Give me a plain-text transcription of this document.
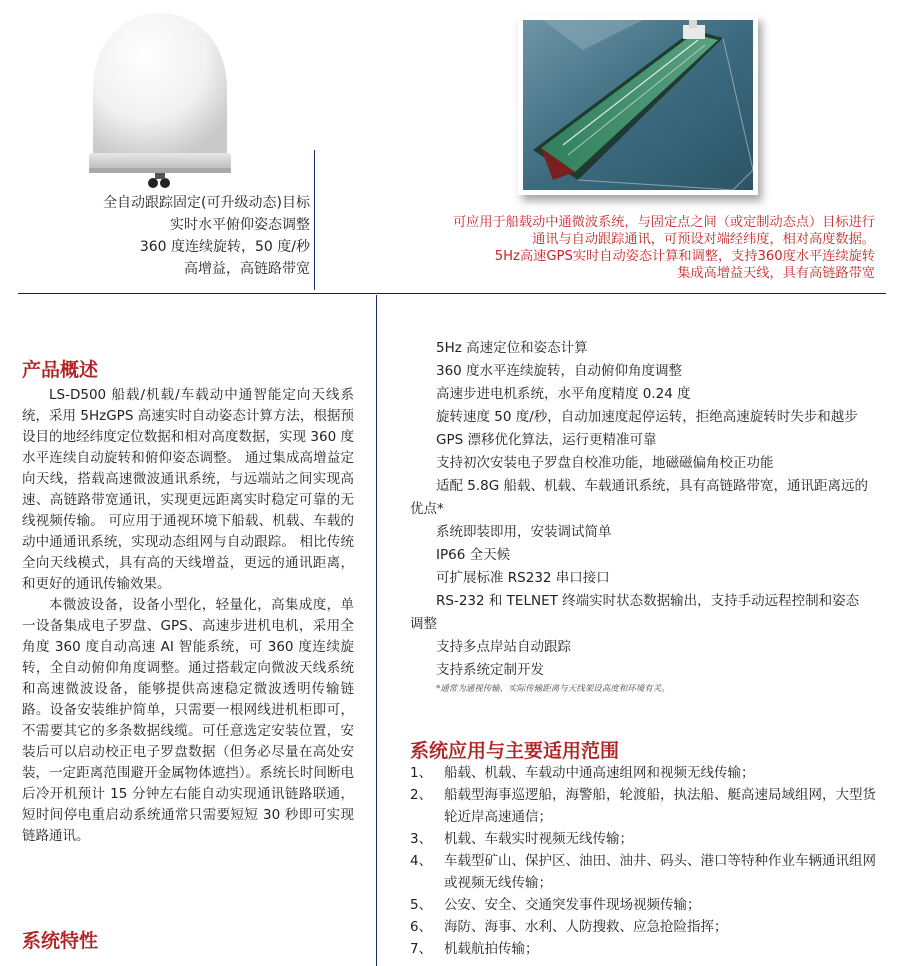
全自动跟踪固定(可升级动态)目标
实时水平俯仰姿态调整
360 度连续旋转，50 度/秒
高增益，高链路带宽
可应用于船载动中通微波系统，与固定点之间（或定制动态点）目标进行
通讯与自动跟踪通讯，可预设对端经纬度，相对高度数据。
5Hz高速GPS实时自动姿态计算和调整，支持360度水平连续旋转
集成高增益天线，具有高链路带宽
产品概述

LS-D500 船载/机载/车载动中通智能定向天线系统，采用 5HzGPS 高速实时自动姿态计算方法，根据预设目的地经纬度定位数据和相对高度数据，实现 360 度水平连续自动旋转和俯仰姿态调整。 通过集成高增益定向天线，搭载高速微波通讯系统，与远端站之间实现高速、高链路带宽通讯，实现更远距离实时稳定可靠的无线视频传输。 可应用于通视环境下船载、机载、车载的动中通通讯系统，实现动态组网与自动跟踪。 相比传统全向天线模式，具有高的天线增益，更远的通讯距离，和更好的通讯传输效果。

本微波设备，设备小型化，轻量化，高集成度，单一设备集成电子罗盘、GPS、高速步进机电机，采用全角度 360 度自动高速 AI 智能系统，可 360 度连续旋转，全自动俯仰角度调整。通过搭载定向微波天线系统和高速微波设备，能够提供高速稳定微波透明传输链路。设备安装维护简单，只需要一根网线进机柜即可，不需要其它的多条数据线缆。可任意选定安装位置，安装后可以启动校正电子罗盘数据（但务必尽量在高处安装，一定距离范围避开金属物体遮挡）。系统长时间断电后冷开机预计 15 分钟左右能自动实现通讯链路联通，短时间停电重启动系统通常只需要短短 30 秒即可实现链路通讯。

系统特性

5Hz 高速定位和姿态计算

360 度水平连续旋转，自动俯仰角度调整

高速步进电机系统，水平角度精度 0.24 度

旋转速度 50 度/秒，自动加速度起停运转，拒绝高速旋转时失步和越步

GPS 漂移优化算法，运行更精准可靠

支持初次安装电子罗盘自校准功能，地磁磁偏角校正功能

适配 5.8G 船载、机载、车载通讯系统，具有高链路带宽，通讯距离远的优点*

系统即装即用，安装调试简单

IP66 全天候

可扩展标准 RS232 串口接口

RS-232 和 TELNET 终端实时状态数据输出，支持手动远程控制和姿态调整

支持多点岸站自动跟踪

支持系统定制开发

*通常为通视传输，实际传输距离与天线架设高度和环境有关。
系统应用与主要适用范围
1、 船载、机载、车载动中通高速组网和视频无线传输；
2、 船载型海事巡逻船，海警船，轮渡船，执法船、艇高速局域组网，大型货轮近岸高速通信；
3、 机载、车载实时视频无线传输；
4、 车载型矿山、保护区、油田、油井、码头、港口等特种作业车辆通讯组网或视频无线传输；
5、 公安、安全、交通突发事件现场视频传输；
6、 海防、海事、水利、人防搜救、应急抢险指挥；
7、 机载航拍传输；
